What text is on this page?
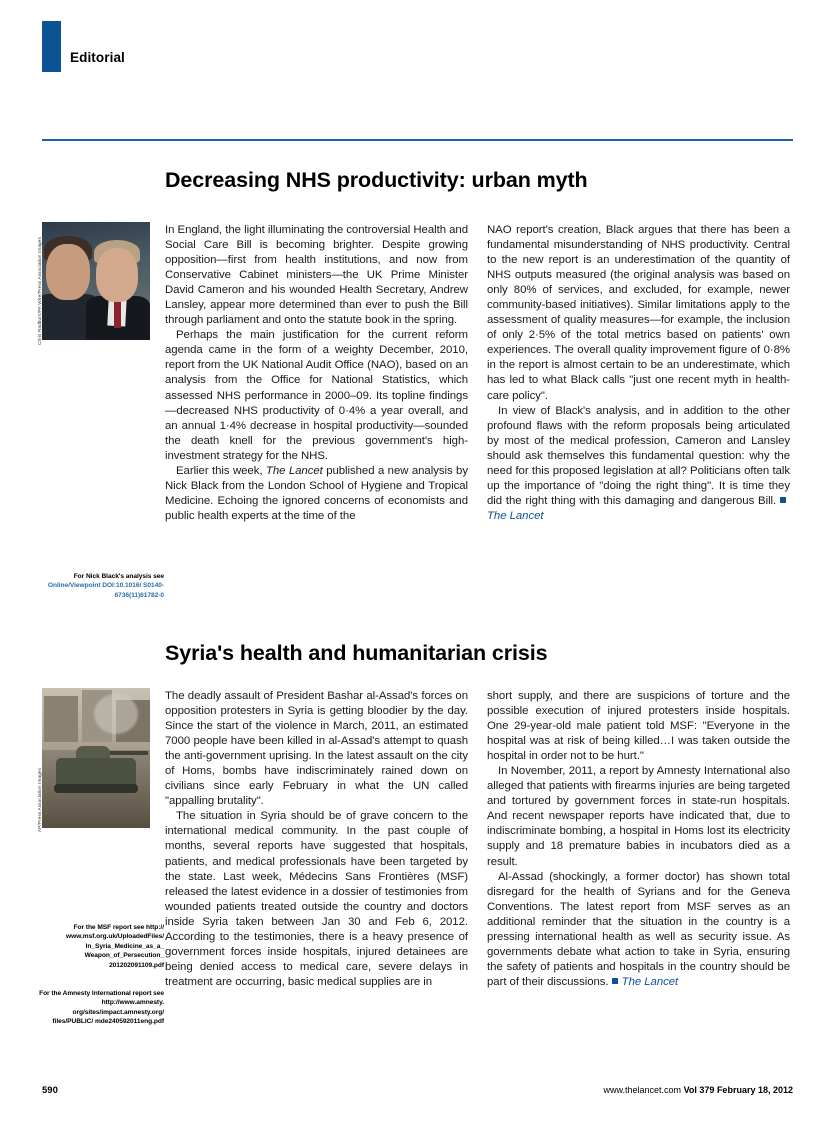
Editorial
Decreasing NHS productivity: urban myth
Chris Radburn/PA Wire/Press Association Images
For Nick Black's analysis see
Online/Viewpoint DOI:10.1016/ S0140-6736(11)61782-0

In England, the light illuminating the controversial Health and Social Care Bill is becoming brighter. Despite growing opposition—first from health institutions, and now from Conservative Cabinet ministers—the UK Prime Minister David Cameron and his wounded Health Secretary, Andrew Lansley, appear more determined than ever to push the Bill through parliament and onto the statute book in the spring.

Perhaps the main justification for the current reform agenda came in the form of a weighty December, 2010, report from the UK National Audit Office (NAO), based on an analysis from the Office for National Statistics, which assessed NHS performance in 2000–09. Its topline findings—decreased NHS productivity of 0·4% a year overall, and an annual 1·4% decrease in hospital productivity—sounded the death knell for the previous government's high-investment strategy for the NHS.

Earlier this week, The Lancet published a new analysis by Nick Black from the London School of Hygiene and Tropical Medicine. Echoing the ignored concerns of economists and public health experts at the time of the

NAO report's creation, Black argues that there has been a fundamental misunderstanding of NHS productivity. Central to the new report is an underestimation of the quantity of NHS outputs measured (the original analysis was based on only 80% of services, and excluded, for example, newer community-based initiatives). Similar limitations apply to the assessment of quality measures—for example, the inclusion of only 2·5% of the total metrics based on patients' own experiences. The overall quality improvement figure of 0·8% in the report is almost certain to be an underestimate, which has led to what Black calls "just one recent myth in health-care policy".

In view of Black's analysis, and in addition to the other profound flaws with the reform proposals being articulated by most of the medical profession, Cameron and Lansley should ask themselves this fundamental question: why the need for this proposed legislation at all? Politicians often talk up the importance of "doing the right thing". It is time they did the right thing with this damaging and dangerous Bill. The Lancet

Syria's health and humanitarian crisis
AP/Press Association Images
For the MSF report see http:// www.msf.org.uk/UploadedFiles/ In_Syria_Medicine_as_a_ Weapon_of_Persecution_ 201202091109.pdf
For the Amnesty International report see http://www.amnesty. org/sites/impact.amnesty.org/ files/PUBLIC/ mde240592011eng.pdf

The deadly assault of President Bashar al-Assad's forces on opposition protesters in Syria is getting bloodier by the day. Since the start of the violence in March, 2011, an estimated 7000 people have been killed in al-Assad's attempt to quash the anti-government uprising. In the latest assault on the city of Homs, bombs have indiscriminately rained down on civilians since early February in what the UN called "appalling brutality".

The situation in Syria should be of grave concern to the international medical community. In the past couple of months, several reports have suggested that hospitals, patients, and medical professionals have been targeted by the state. Last week, Médecins Sans Frontières (MSF) released the latest evidence in a dossier of testimonies from wounded patients treated outside the country and doctors inside Syria taken between Jan 30 and Feb 6, 2012. According to the testimonies, there is a heavy presence of government forces inside hospitals, injured detainees are being denied access to medical care, severe delays in treatment are occurring, basic medical supplies are in

short supply, and there are suspicions of torture and the possible execution of injured protesters inside hospitals. One 29-year-old male patient told MSF: "Everyone in the hospital was at risk of being killed…I was taken outside the hospital in order not to be hurt."

In November, 2011, a report by Amnesty International also alleged that patients with firearms injuries are being targeted and tortured by government forces in state-run hospitals. And recent newspaper reports have indicated that, due to indiscriminate bombing, a hospital in Homs lost its electricity supply and 18 premature babies in incubators died as a result.

Al-Assad (shockingly, a former doctor) has shown total disregard for the health of Syrians and for the Geneva Conventions. The latest report from MSF serves as an additional reminder that the situation in the country is a pressing international health as well as security issue. As governments debate what action to take in Syria, ensuring the safety of patients and hospitals in the country should be part of their discussions. The Lancet

590	www.thelancet.com Vol 379 February 18, 2012
